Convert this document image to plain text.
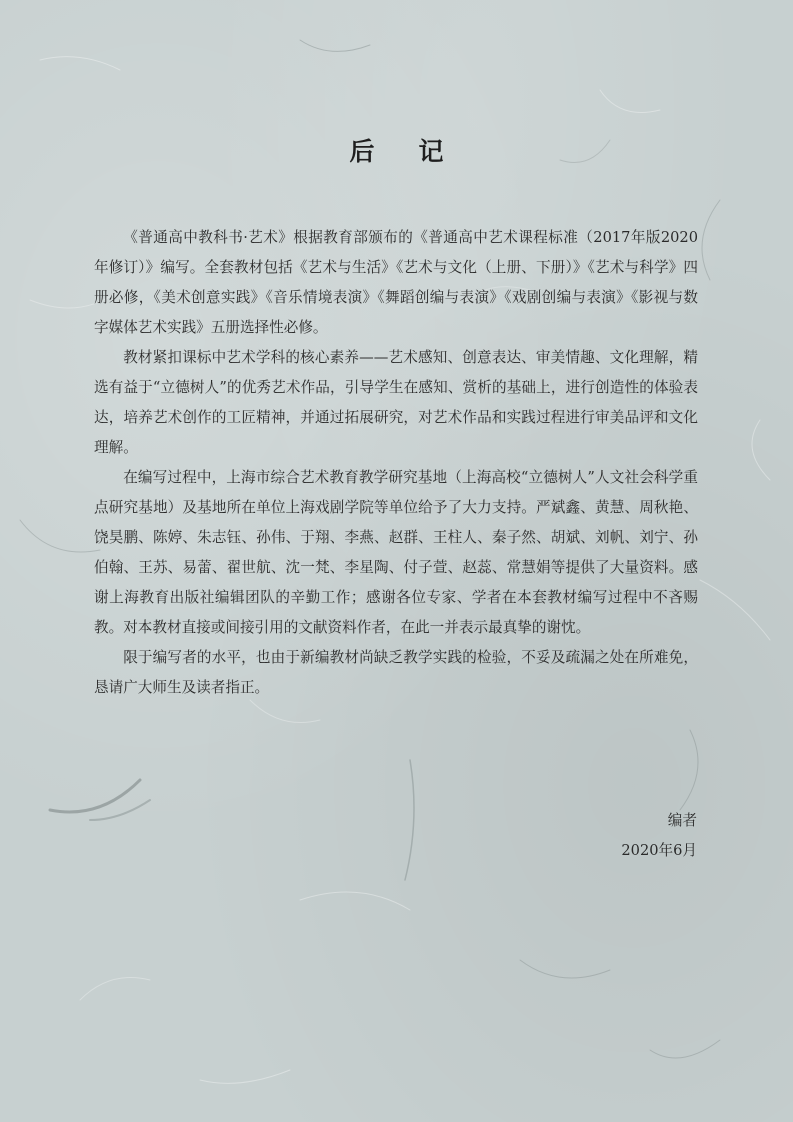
后记

《普通高中教科书·艺术》根据教育部颁布的《普通高中艺术课程标准（2017年版2020年修订）》编写。全套教材包括《艺术与生活》《艺术与文化（上册、下册）》《艺术与科学》四册必修，《美术创意实践》《音乐情境表演》《舞蹈创编与表演》《戏剧创编与表演》《影视与数字媒体艺术实践》五册选择性必修。

教材紧扣课标中艺术学科的核心素养——艺术感知、创意表达、审美情趣、文化理解，精选有益于“立德树人”的优秀艺术作品，引导学生在感知、赏析的基础上，进行创造性的体验表达，培养艺术创作的工匠精神，并通过拓展研究，对艺术作品和实践过程进行审美品评和文化理解。

在编写过程中，上海市综合艺术教育教学研究基地（上海高校“立德树人”人文社会科学重点研究基地）及基地所在单位上海戏剧学院等单位给予了大力支持。严斌鑫、黄慧、周秋艳、饶昊鹏、陈婷、朱志钰、孙伟、于翔、李燕、赵群、王柱人、秦子然、胡斌、刘帆、刘宁、孙伯翰、王苏、易蕾、翟世航、沈一梵、李星陶、付子萱、赵蕊、常慧娟等提供了大量资料。感谢上海教育出版社编辑团队的辛勤工作；感谢各位专家、学者在本套教材编写过程中不吝赐教。对本教材直接或间接引用的文献资料作者，在此一并表示最真挚的谢忱。

限于编写者的水平，也由于新编教材尚缺乏教学实践的检验，不妥及疏漏之处在所难免，恳请广大师生及读者指正。

编者
2020年6月
